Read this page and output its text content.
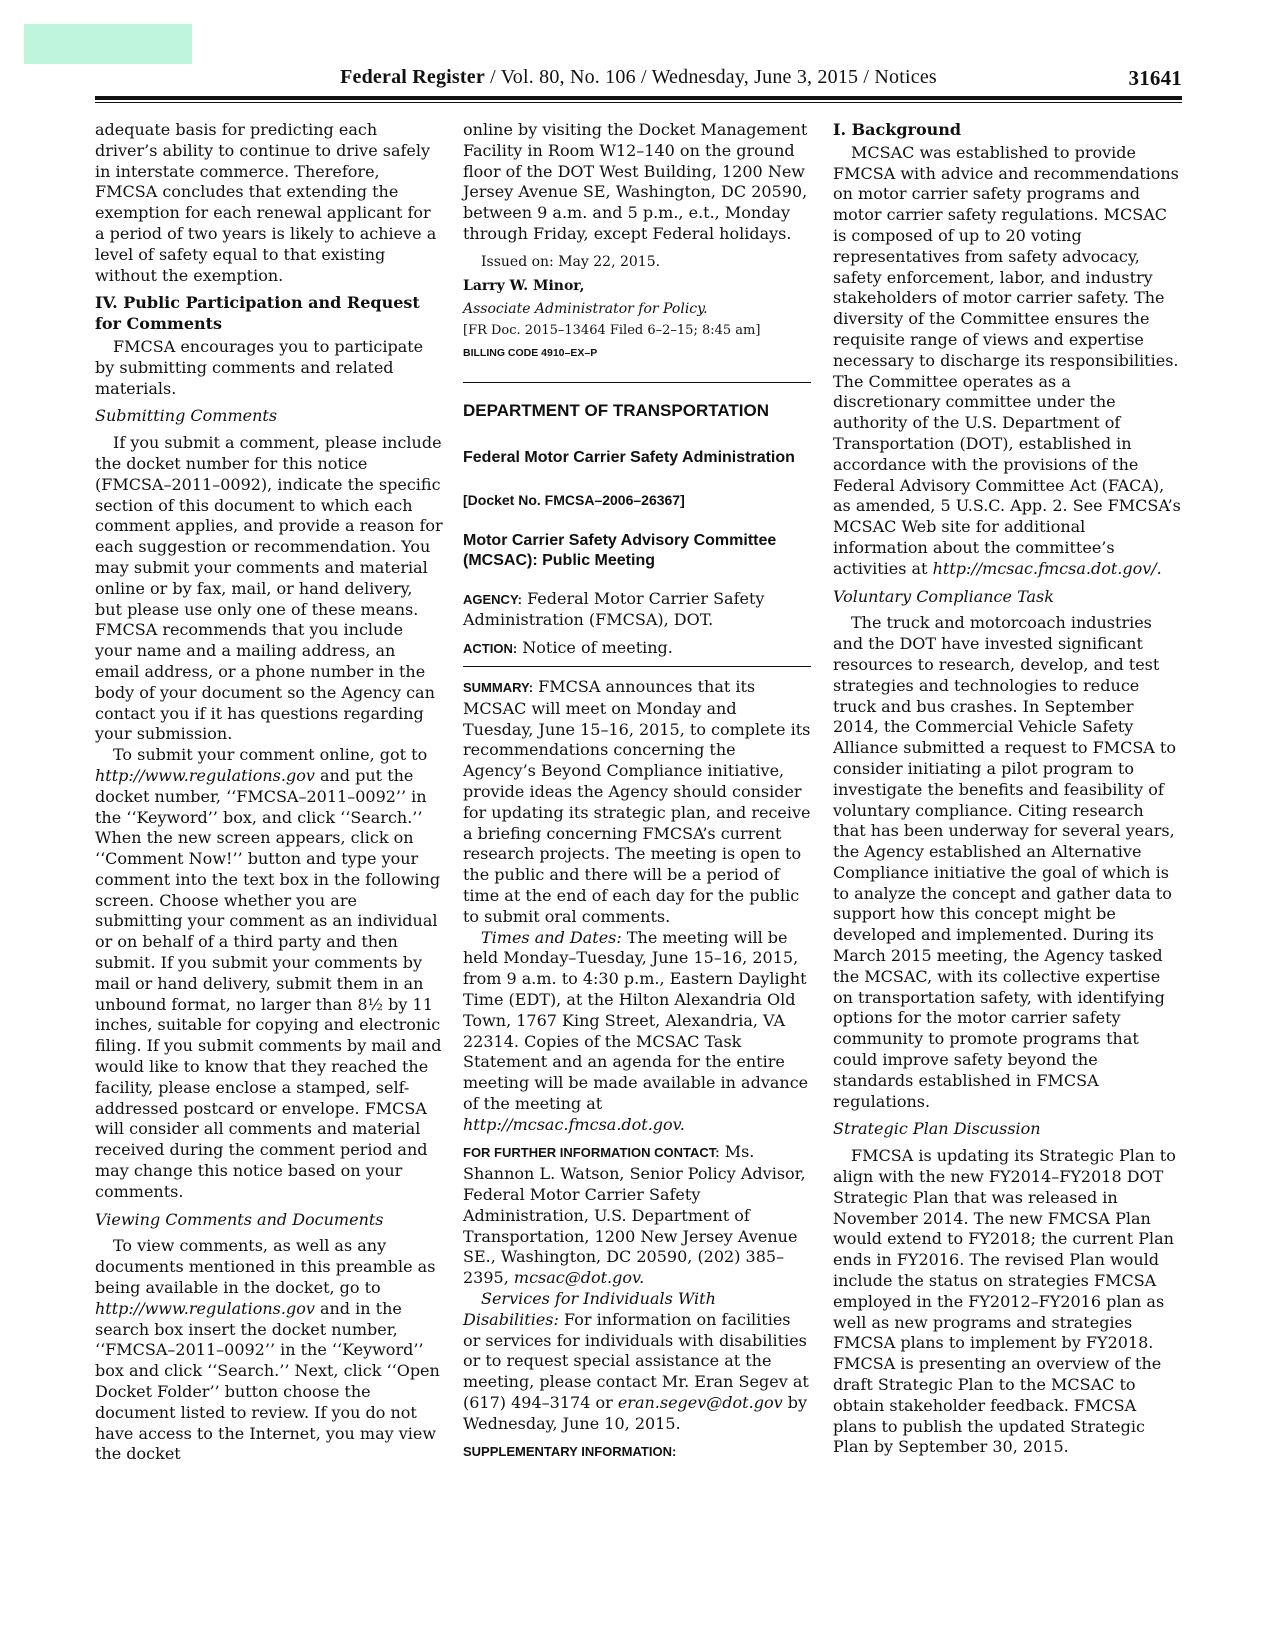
Federal Register / Vol. 80, No. 106 / Wednesday, June 3, 2015 / Notices	31641

adequate basis for predicting each driver’s ability to continue to drive safely in interstate commerce. Therefore, FMCSA concludes that extending the exemption for each renewal applicant for a period of two years is likely to achieve a level of safety equal to that existing without the exemption.

IV. Public Participation and Request for Comments

FMCSA encourages you to participate by submitting comments and related materials.

Submitting Comments

If you submit a comment, please include the docket number for this notice (FMCSA–2011–0092), indicate the specific section of this document to which each comment applies, and provide a reason for each suggestion or recommendation. You may submit your comments and material online or by fax, mail, or hand delivery, but please use only one of these means. FMCSA recommends that you include your name and a mailing address, an email address, or a phone number in the body of your document so the Agency can contact you if it has questions regarding your submission.

To submit your comment online, got to http://www.regulations.gov and put the docket number, ‘‘FMCSA–2011–0092’’ in the ‘‘Keyword’’ box, and click ‘‘Search.’’ When the new screen appears, click on ‘‘Comment Now!’’ button and type your comment into the text box in the following screen. Choose whether you are submitting your comment as an individual or on behalf of a third party and then submit. If you submit your comments by mail or hand delivery, submit them in an unbound format, no larger than 8½ by 11 inches, suitable for copying and electronic filing. If you submit comments by mail and would like to know that they reached the facility, please enclose a stamped, self-addressed postcard or envelope. FMCSA will consider all comments and material received during the comment period and may change this notice based on your comments.

Viewing Comments and Documents

To view comments, as well as any documents mentioned in this preamble as being available in the docket, go to http://www.regulations.gov and in the search box insert the docket number, ‘‘FMCSA–2011–0092’’ in the ‘‘Keyword’’ box and click ‘‘Search.’’ Next, click ‘‘Open Docket Folder’’ button choose the document listed to review. If you do not have access to the Internet, you may view the docket

online by visiting the Docket Management Facility in Room W12–140 on the ground floor of the DOT West Building, 1200 New Jersey Avenue SE, Washington, DC 20590, between 9 a.m. and 5 p.m., e.t., Monday through Friday, except Federal holidays.

Issued on: May 22, 2015.

Larry W. Minor,

Associate Administrator for Policy.

[FR Doc. 2015–13464 Filed 6–2–15; 8:45 am]

BILLING CODE 4910–EX–P

DEPARTMENT OF TRANSPORTATION

Federal Motor Carrier Safety Administration

[Docket No. FMCSA–2006–26367]

Motor Carrier Safety Advisory Committee (MCSAC): Public Meeting

AGENCY: Federal Motor Carrier Safety Administration (FMCSA), DOT.

ACTION: Notice of meeting.

SUMMARY: FMCSA announces that its MCSAC will meet on Monday and Tuesday, June 15–16, 2015, to complete its recommendations concerning the Agency’s Beyond Compliance initiative, provide ideas the Agency should consider for updating its strategic plan, and receive a briefing concerning FMCSA’s current research projects. The meeting is open to the public and there will be a period of time at the end of each day for the public to submit oral comments.

Times and Dates: The meeting will be held Monday–Tuesday, June 15–16, 2015, from 9 a.m. to 4:30 p.m., Eastern Daylight Time (EDT), at the Hilton Alexandria Old Town, 1767 King Street, Alexandria, VA 22314. Copies of the MCSAC Task Statement and an agenda for the entire meeting will be made available in advance of the meeting at http://mcsac.fmcsa.dot.gov.

FOR FURTHER INFORMATION CONTACT: Ms. Shannon L. Watson, Senior Policy Advisor, Federal Motor Carrier Safety Administration, U.S. Department of Transportation, 1200 New Jersey Avenue SE., Washington, DC 20590, (202) 385–2395, mcsac@dot.gov.

Services for Individuals With Disabilities: For information on facilities or services for individuals with disabilities or to request special assistance at the meeting, please contact Mr. Eran Segev at (617) 494–3174 or eran.segev@dot.gov by Wednesday, June 10, 2015.

SUPPLEMENTARY INFORMATION:

I. Background

MCSAC was established to provide FMCSA with advice and recommendations on motor carrier safety programs and motor carrier safety regulations. MCSAC is composed of up to 20 voting representatives from safety advocacy, safety enforcement, labor, and industry stakeholders of motor carrier safety. The diversity of the Committee ensures the requisite range of views and expertise necessary to discharge its responsibilities. The Committee operates as a discretionary committee under the authority of the U.S. Department of Transportation (DOT), established in accordance with the provisions of the Federal Advisory Committee Act (FACA), as amended, 5 U.S.C. App. 2. See FMCSA’s MCSAC Web site for additional information about the committee’s activities at http://mcsac.fmcsa.dot.gov/.

Voluntary Compliance Task

The truck and motorcoach industries and the DOT have invested significant resources to research, develop, and test strategies and technologies to reduce truck and bus crashes. In September 2014, the Commercial Vehicle Safety Alliance submitted a request to FMCSA to consider initiating a pilot program to investigate the benefits and feasibility of voluntary compliance. Citing research that has been underway for several years, the Agency established an Alternative Compliance initiative the goal of which is to analyze the concept and gather data to support how this concept might be developed and implemented. During its March 2015 meeting, the Agency tasked the MCSAC, with its collective expertise on transportation safety, with identifying options for the motor carrier safety community to promote programs that could improve safety beyond the standards established in FMCSA regulations.

Strategic Plan Discussion

FMCSA is updating its Strategic Plan to align with the new FY2014–FY2018 DOT Strategic Plan that was released in November 2014. The new FMCSA Plan would extend to FY2018; the current Plan ends in FY2016. The revised Plan would include the status on strategies FMCSA employed in the FY2012–FY2016 plan as well as new programs and strategies FMCSA plans to implement by FY2018. FMCSA is presenting an overview of the draft Strategic Plan to the MCSAC to obtain stakeholder feedback. FMCSA plans to publish the updated Strategic Plan by September 30, 2015.
